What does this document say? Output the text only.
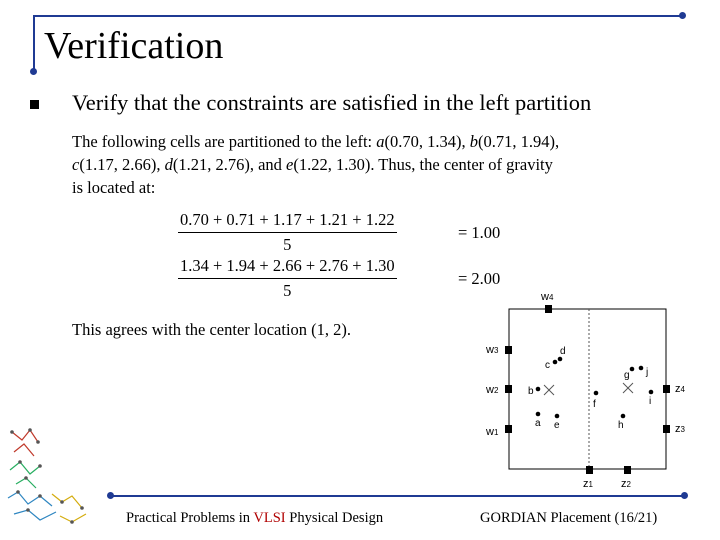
Verification
Verify that the constraints are satisfied in the left partition
The following cells are partitioned to the left: a(0.70, 1.34), b(0.71, 1.94),
c(1.17, 2.66), d(1.21, 2.76), and e(1.22, 1.30). Thus, the center of gravity
is located at:
$\frac{0.70 + 0.71 + 1.17 + 1.21 + 1.22}{5}$	= 1.00
$\frac{1.34 + 1.94 + 2.66 + 2.76 + 1.30}{5}$	= 2.00
This agrees with the center location (1, 2).
w4
w3
w2
w1
z4
z3
z1	z2
c
d
b
a e
g j
f	i
h
Practical Problems in VLSI Physical Design	GORDIAN Placement (16/21)
